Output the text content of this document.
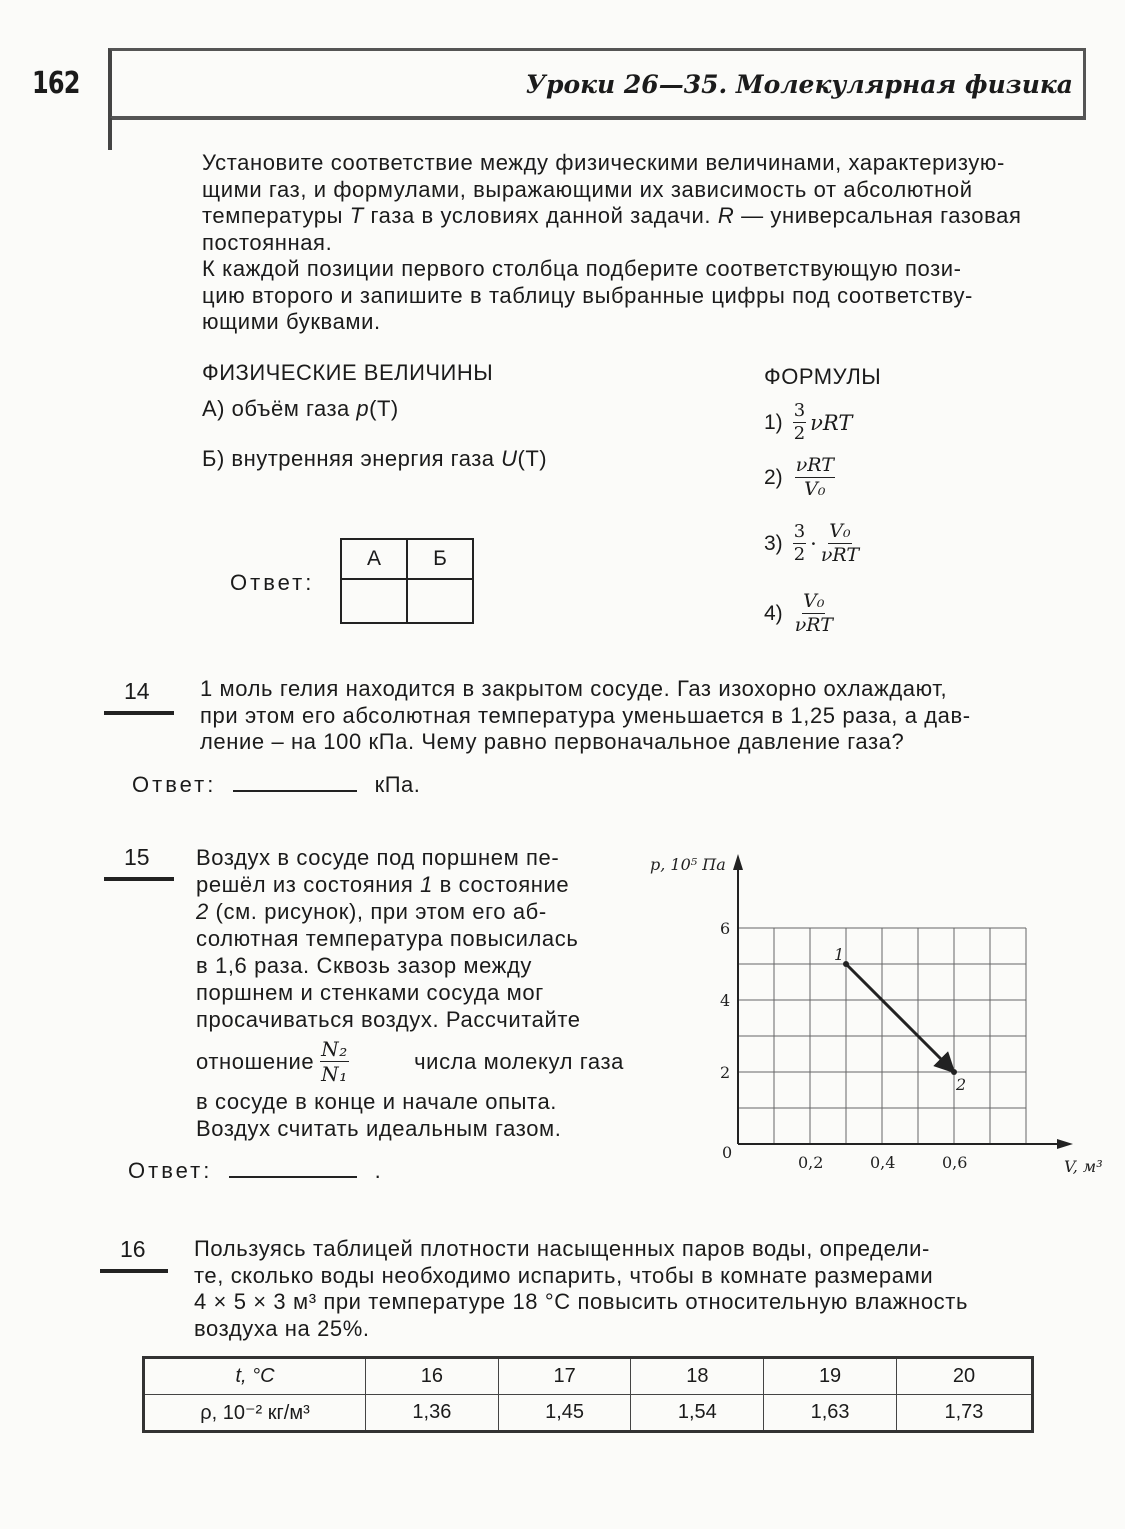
162	Уроки 26—35. Молекулярная физика
Установите соответствие между физическими величинами, характеризую-
щими газ, и формулами, выражающими их зависимость от абсолютной
температуры T газа в условиях данной задачи. R — универсальная газовая
постоянная.
К каждой позиции первого столбца подберите соответствующую пози-
цию второго и запишите в таблицу выбранные цифры под соответству-
ющими буквами.
ФИЗИЧЕСКИЕ ВЕЛИЧИНЫ	ФОРМУЛЫ
А) объём газа p(T)
Б) внутренняя энергия газа U(T)
$1) \frac{3}{2}$ νRT
$2) \frac{\text{νRT}}{\text{V₀}}$
$3) \frac{3}{2} \cdot \frac{\text{V₀}}{\text{νRT}}$
$4) \frac{\text{V₀}}{\text{νRT}}$
Ответ:
А	Б

14 1 моль гелия находится в закрытом сосуде. Газ изохорно охлаждают,
при этом его абсолютная температура уменьшается в 1,25 раза, а дав-
ление – на 100 кПа. Чему равно первоначальное давление газа?
Ответ:	кПа.
15 Воздух в сосуде под поршнем пе-
решёл из состояния 1 в состояние
2 (см. рисунок), при этом его аб-
солютная температура повысилась
в 1,6 раза. Сквозь зазор между
поршнем и стенками сосуда мог
просачиваться воздух. Рассчитайте
отношение $\frac{\text{N₂}}{\text{N₁}}$	числа молекул газа
в сосуде в конце и начале опыта.
Воздух считать идеальным газом.
Ответ:	.	0,2	0,4	0,6
2
4
6
0
p, 10⁵ Па
V, м³
1
2
16 Пользуясь таблицей плотности насыщенных паров воды, определи-
те, сколько воды необходимо испарить, чтобы в комнате размерами
4 × 5 × 3 м³ при температуре 18 °С повысить относительную влажность
воздуха на 25%.
t, °С	16	17	18	19	20
ρ, 10⁻² кг/м³	1,36	1,45	1,54	1,63	1,73
